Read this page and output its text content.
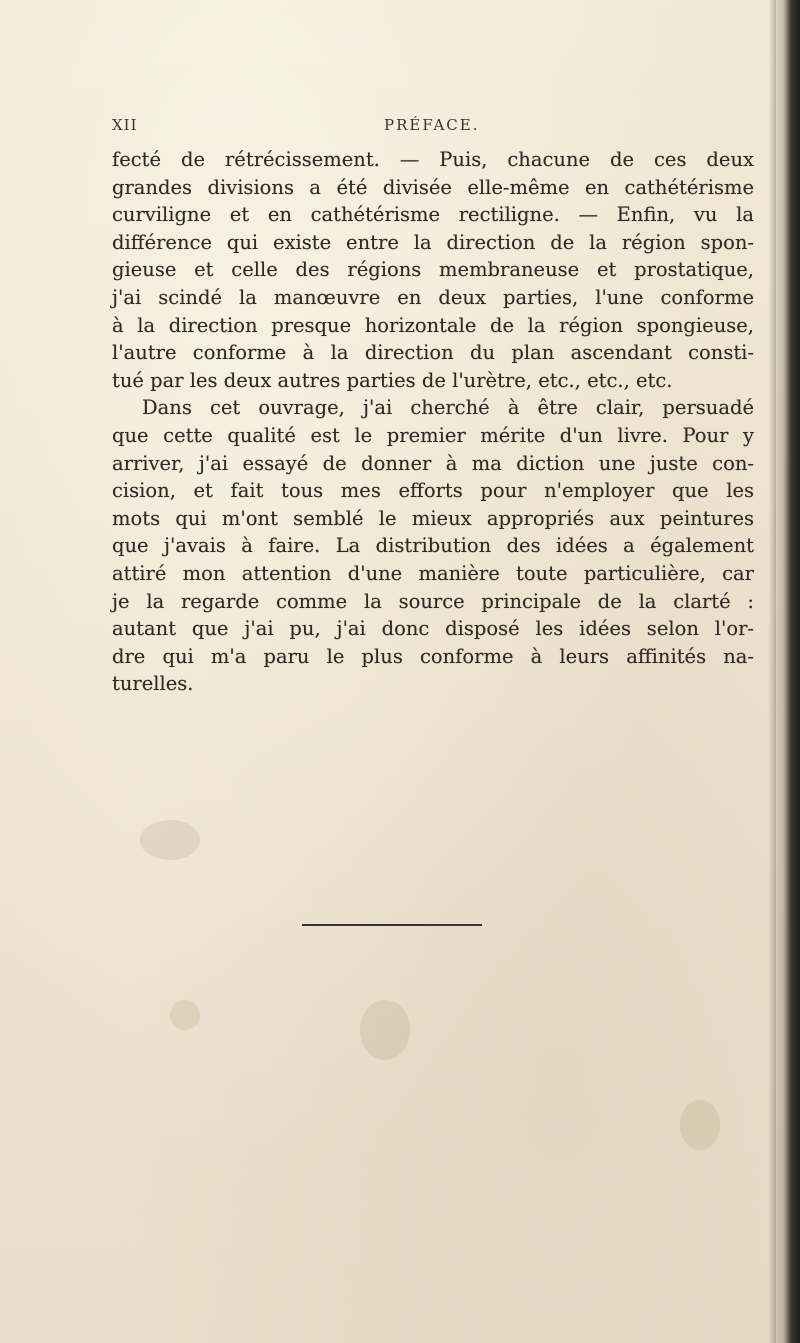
XII	PRÉFACE.
fecté de rétrécissement. — Puis, chacune de ces deux
grandes divisions a été divisée elle-même en cathétérisme
curviligne et en cathétérisme rectiligne. — Enfin, vu la
différence qui existe entre la direction de la région spon-
gieuse et celle des régions membraneuse et prostatique,
j'ai scindé la manœuvre en deux parties, l'une conforme
à la direction presque horizontale de la région spongieuse,
l'autre conforme à la direction du plan ascendant consti-
tué par les deux autres parties de l'urètre, etc., etc., etc.
Dans cet ouvrage, j'ai cherché à être clair, persuadé
que cette qualité est le premier mérite d'un livre. Pour y
arriver, j'ai essayé de donner à ma diction une juste con-
cision, et fait tous mes efforts pour n'employer que les
mots qui m'ont semblé le mieux appropriés aux peintures
que j'avais à faire. La distribution des idées a également
attiré mon attention d'une manière toute particulière, car
je la regarde comme la source principale de la clarté :
autant que j'ai pu, j'ai donc disposé les idées selon l'or-
dre qui m'a paru le plus conforme à leurs affinités na-
turelles.
